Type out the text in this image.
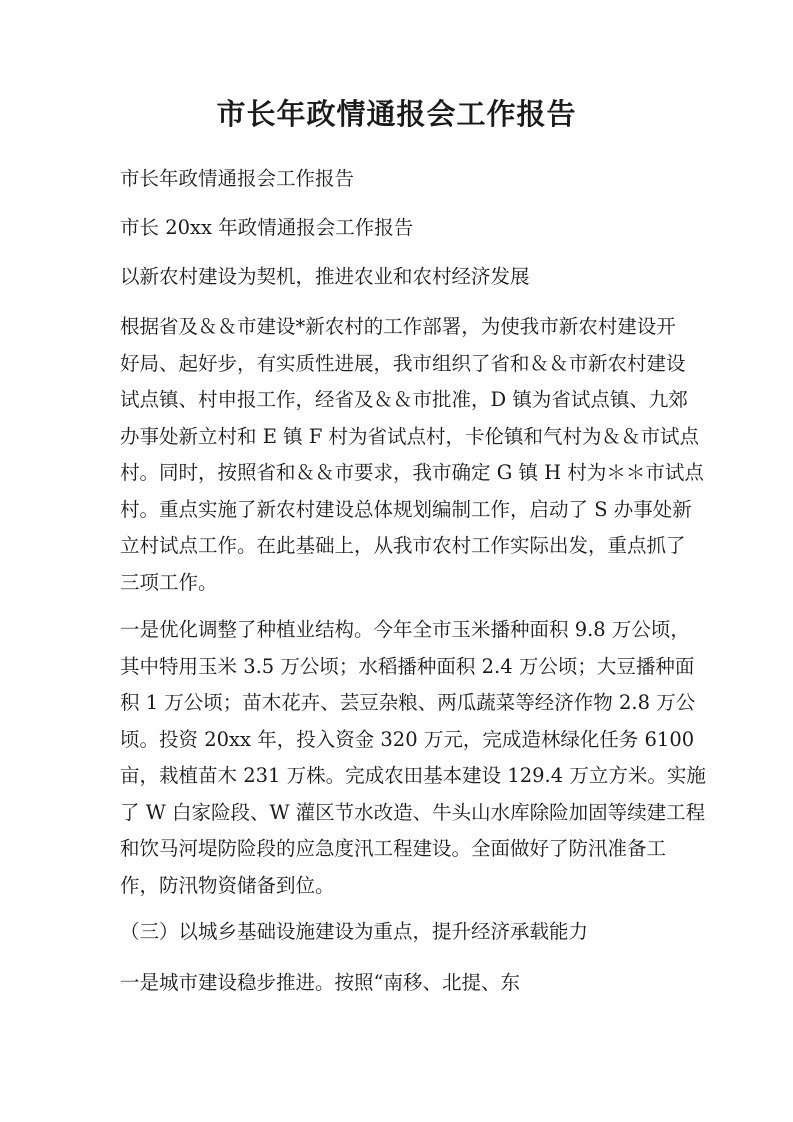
市长年政情通报会工作报告

市长年政情通报会工作报告

市长 20xx 年政情通报会工作报告

以新农村建设为契机，推进农业和农村经济发展

根据省及＆＆市建设*新农村的工作部署，为使我市新农村建设开
好局、起好步，有实质性进展，我市组织了省和＆＆市新农村建设
试点镇、村申报工作，经省及＆＆市批准，D 镇为省试点镇、九郊
办事处新立村和 E 镇 F 村为省试点村，卡伦镇和气村为＆＆市试点
村。同时，按照省和＆＆市要求，我市确定 G 镇 H 村为＊＊市试点
村。重点实施了新农村建设总体规划编制工作，启动了 S 办事处新
立村试点工作。在此基础上，从我市农村工作实际出发，重点抓了
三项工作。
一是优化调整了种植业结构。今年全市玉米播种面积 9.8 万公顷，
其中特用玉米 3.5 万公顷；水稻播种面积 2.4 万公顷；大豆播种面
积 1 万公顷；苗木花卉、芸豆杂粮、两瓜蔬菜等经济作物 2.8 万公
顷。投资 20xx 年，投入资金 320 万元，完成造林绿化任务 6100
亩，栽植苗木 231 万株。完成农田基本建设 129.4 万立方米。实施
了 W 白家险段、W 灌区节水改造、牛头山水库除险加固等续建工程
和饮马河堤防险段的应急度汛工程建设。全面做好了防汛准备工
作，防汛物资储备到位。

（三）以城乡基础设施建设为重点，提升经济承载能力

一是城市建设稳步推进。按照“南移、北提、东
